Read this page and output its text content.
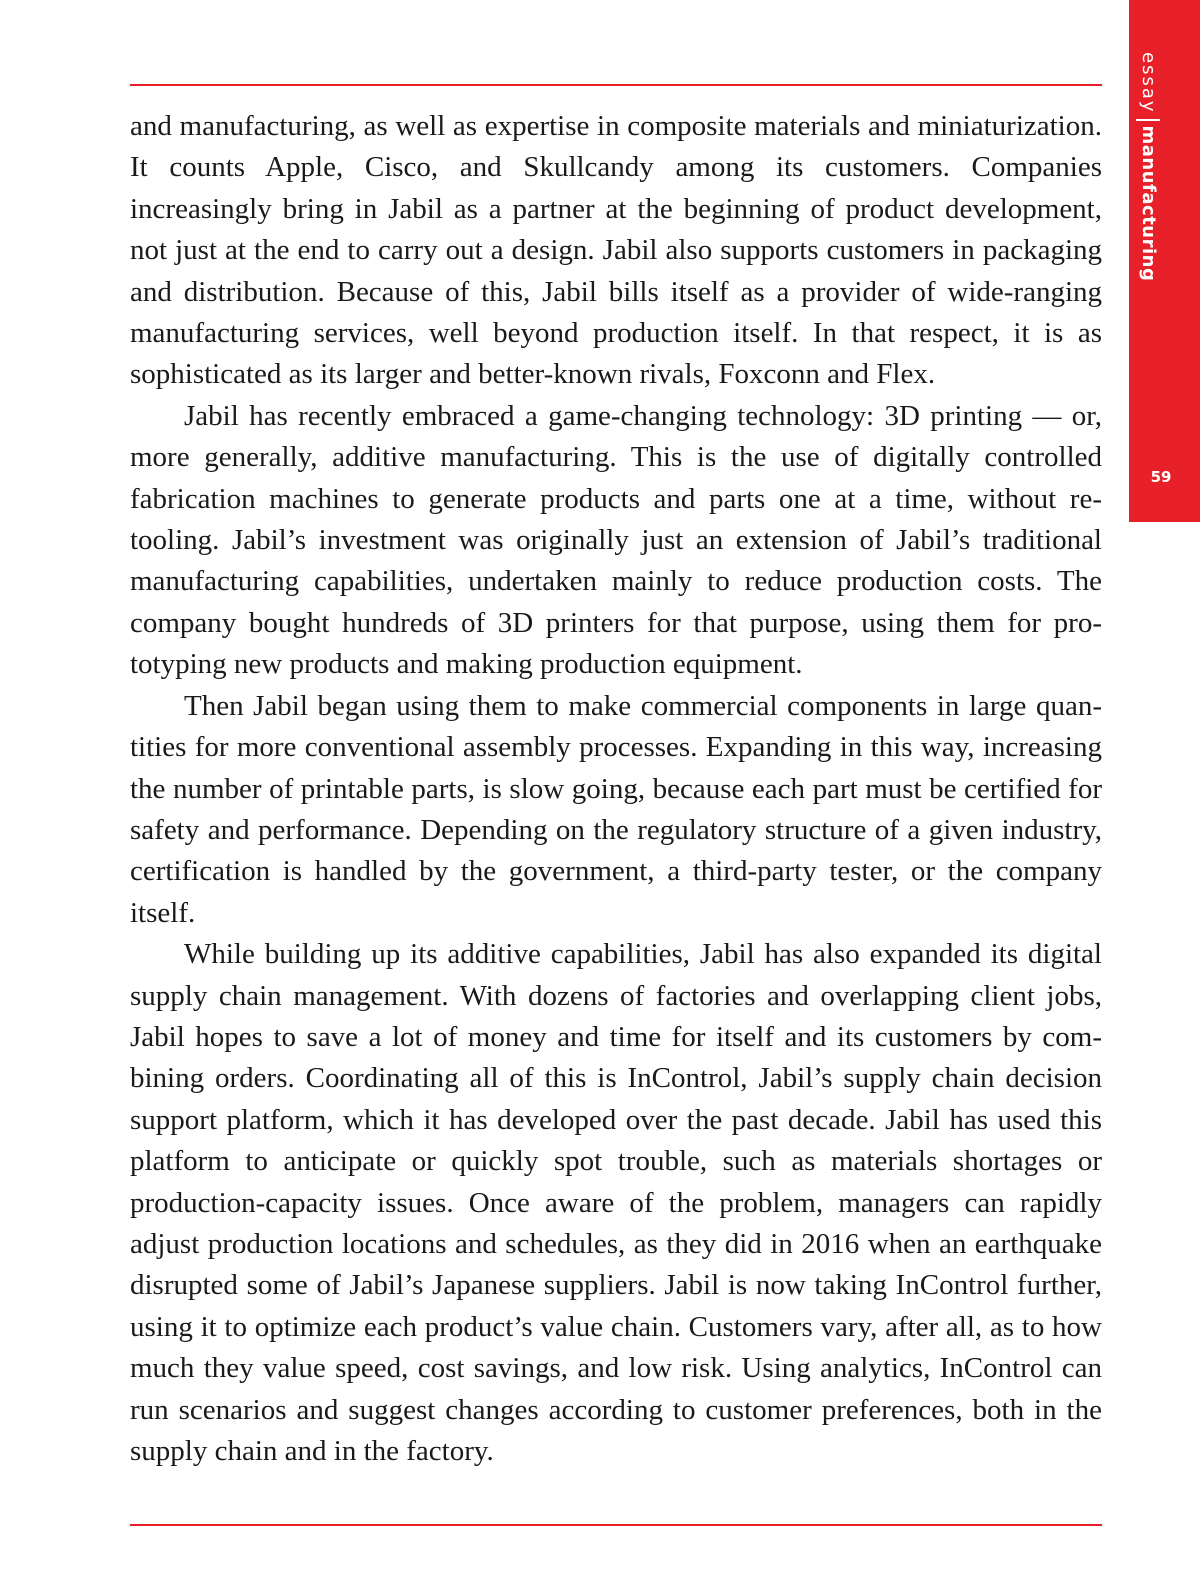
essay
manufacturing
59

and manufacturing, as well as expertise in composite materials and miniaturization. It counts Apple, Cisco, and Skullcandy among its customers. Companies increasingly bring in Jabil as a partner at the beginning of product development, not just at the end to carry out a design. Jabil also supports customers in packaging and distribution. Because of this, Jabil bills itself as a provider of wide-ranging manufacturing services, well beyond production itself. In that respect, it is as sophisticated as its larger and better-known rivals, Foxconn and Flex.

Jabil has recently embraced a game-changing technology: 3D printing — or, more generally, additive manufacturing. This is the use of digitally controlled fabrication machines to generate products and parts one at a time, without retooling. Jabil’s investment was originally just an extension of Jabil’s traditional manufacturing capabilities, undertaken mainly to reduce production costs. The company bought hundreds of 3D printers for that purpose, using them for prototyping new products and making production equipment.

Then Jabil began using them to make commercial components in large quantities for more conventional assembly processes. Expanding in this way, increasing the number of printable parts, is slow going, because each part must be certified for safety and performance. Depending on the regulatory structure of a given industry, certification is handled by the government, a third-party tester, or the company itself.

While building up its additive capabilities, Jabil has also expanded its digital supply chain management. With dozens of factories and overlapping client jobs, Jabil hopes to save a lot of money and time for itself and its customers by combining orders. Coordinating all of this is InControl, Jabil’s supply chain decision support platform, which it has developed over the past decade. Jabil has used this platform to anticipate or quickly spot trouble, such as materials shortages or production-capacity issues. Once aware of the problem, managers can rapidly adjust production locations and schedules, as they did in 2016 when an earthquake disrupted some of Jabil’s Japanese suppliers. Jabil is now taking InControl further, using it to optimize each product’s value chain. Customers vary, after all, as to how much they value speed, cost savings, and low risk. Using analytics, InControl can run scenarios and suggest changes according to customer preferences, both in the supply chain and in the factory.
